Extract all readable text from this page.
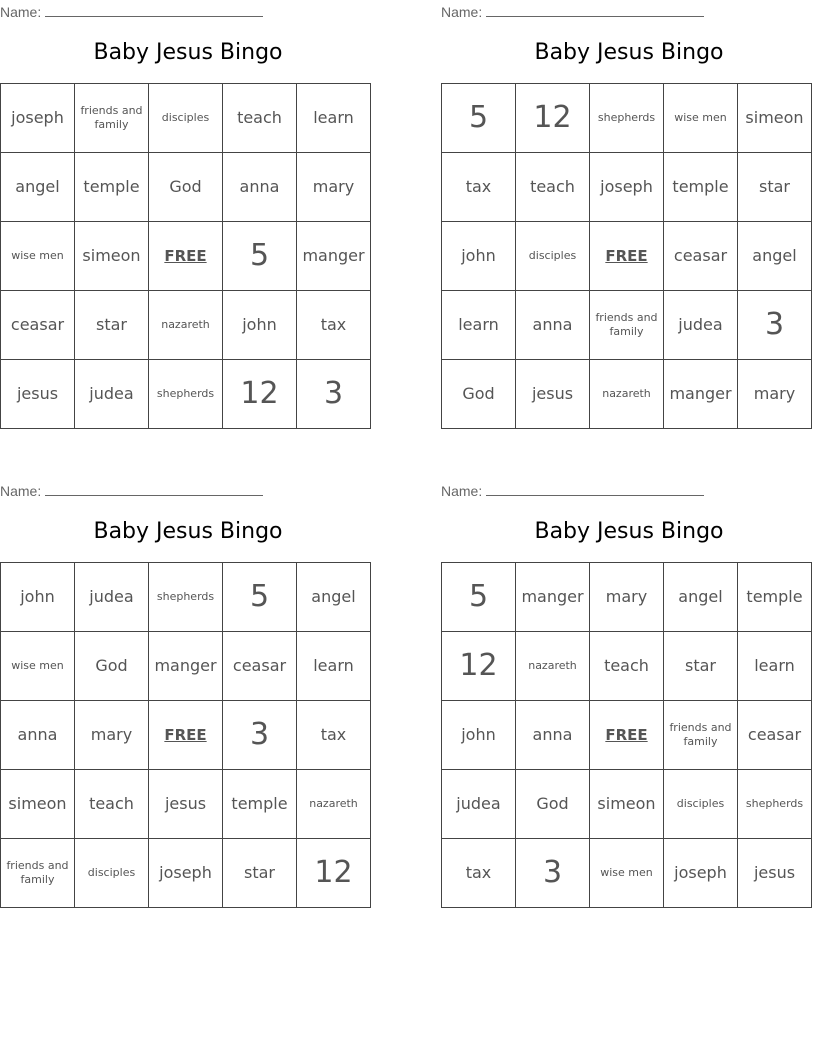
Name:
Baby Jesus Bingo
joseph	friends and family	disciples	teach	learn
angel	temple	God	anna	mary
wise men	simeon	FREE	5	manger
ceasar	star	nazareth	john	tax
jesus	judea	shepherds	12	3
Name:
Baby Jesus Bingo
5	12	shepherds	wise men	simeon
tax	teach	joseph	temple	star
john	disciples	FREE	ceasar	angel
learn	anna	friends and family	judea	3
God	jesus	nazareth	manger	mary
Name:
Baby Jesus Bingo
john	judea	shepherds	5	angel
wise men	God	manger	ceasar	learn
anna	mary	FREE	3	tax
simeon	teach	jesus	temple	nazareth
friends and family	disciples	joseph	star	12
Name:
Baby Jesus Bingo
5	manger	mary	angel	temple
12	nazareth	teach	star	learn
john	anna	FREE	friends and family	ceasar
judea	God	simeon	disciples	shepherds
tax	3	wise men	joseph	jesus
